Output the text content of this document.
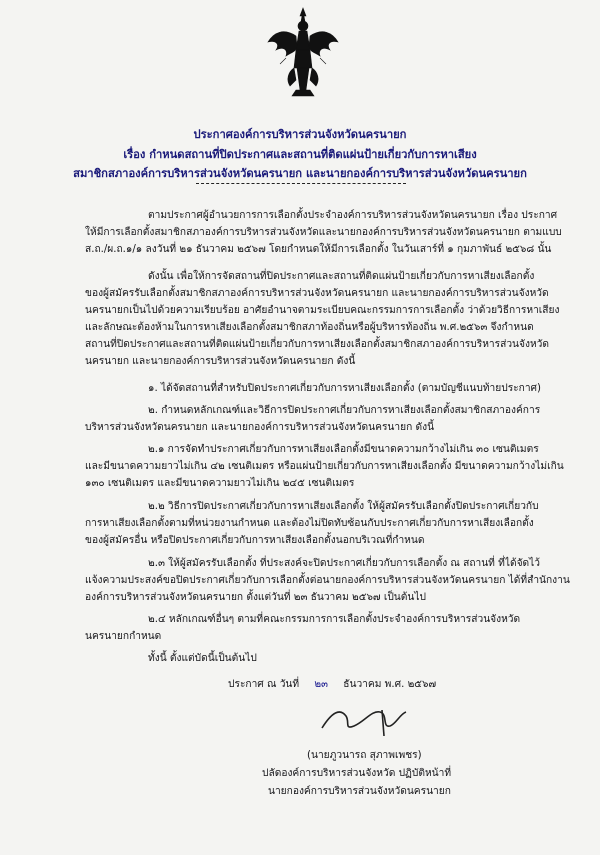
ประกาศองค์การบริหารส่วนจังหวัดนครนายก
เรื่อง กำหนดสถานที่ปิดประกาศและสถานที่ติดแผ่นป้ายเกี่ยวกับการหาเสียง
สมาชิกสภาองค์การบริหารส่วนจังหวัดนครนายก และนายกองค์การบริหารส่วนจังหวัดนครนายก
ตามประกาศผู้อำนวยการการเลือกตั้งประจำองค์การบริหารส่วนจังหวัดนครนายก เรื่อง ประกาศ
ให้มีการเลือกตั้งสมาชิกสภาองค์การบริหารส่วนจังหวัดและนายกองค์การบริหารส่วนจังหวัดนครนายก ตามแบบ
ส.ถ./ผ.ถ.๑/๑ ลงวันที่ ๒๑ ธันวาคม ๒๕๖๗ โดยกำหนดให้มีการเลือกตั้ง ในวันเสาร์ที่ ๑ กุมภาพันธ์ ๒๕๖๘ นั้น
ดังนั้น เพื่อให้การจัดสถานที่ปิดประกาศและสถานที่ติดแผ่นป้ายเกี่ยวกับการหาเสียงเลือกตั้ง
ของผู้สมัครรับเลือกตั้งสมาชิกสภาองค์การบริหารส่วนจังหวัดนครนายก และนายกองค์การบริหารส่วนจังหวัด
นครนายกเป็นไปด้วยความเรียบร้อย อาศัยอำนาจตามระเบียบคณะกรรมการการเลือกตั้ง ว่าด้วยวิธีการหาเสียง
และลักษณะต้องห้ามในการหาเสียงเลือกตั้งสมาชิกสภาท้องถิ่นหรือผู้บริหารท้องถิ่น พ.ศ.๒๕๖๓ จึงกำหนด
สถานที่ปิดประกาศและสถานที่ติดแผ่นป้ายเกี่ยวกับการหาเสียงเลือกตั้งสมาชิกสภาองค์การบริหารส่วนจังหวัด
นครนายก และนายกองค์การบริหารส่วนจังหวัดนครนายก ดังนี้
๑. ได้จัดสถานที่สำหรับปิดประกาศเกี่ยวกับการหาเสียงเลือกตั้ง (ตามบัญชีแนบท้ายประกาศ)
๒. กำหนดหลักเกณฑ์และวิธีการปิดประกาศเกี่ยวกับการหาเสียงเลือกตั้งสมาชิกสภาองค์การ
บริหารส่วนจังหวัดนครนายก และนายกองค์การบริหารส่วนจังหวัดนครนายก ดังนี้
๒.๑ การจัดทำประกาศเกี่ยวกับการหาเสียงเลือกตั้งมีขนาดความกว้างไม่เกิน ๓๐ เซนติเมตร
และมีขนาดความยาวไม่เกิน ๔๒ เซนติเมตร หรือแผ่นป้ายเกี่ยวกับการหาเสียงเลือกตั้ง มีขนาดความกว้างไม่เกิน
๑๓๐ เซนติเมตร และมีขนาดความยาวไม่เกิน ๒๔๕ เซนติเมตร
๒.๒ วิธีการปิดประกาศเกี่ยวกับการหาเสียงเลือกตั้ง ให้ผู้สมัครรับเลือกตั้งปิดประกาศเกี่ยวกับ
การหาเสียงเลือกตั้งตามที่หน่วยงานกำหนด และต้องไม่ปิดทับซ้อนกับประกาศเกี่ยวกับการหาเสียงเลือกตั้ง
ของผู้สมัครอื่น หรือปิดประกาศเกี่ยวกับการหาเสียงเลือกตั้งนอกบริเวณที่กำหนด
๒.๓ ให้ผู้สมัครรับเลือกตั้ง ที่ประสงค์จะปิดประกาศเกี่ยวกับการเลือกตั้ง ณ สถานที่ ที่ได้จัดไว้
แจ้งความประสงค์ขอปิดประกาศเกี่ยวกับการเลือกตั้งต่อนายกองค์การบริหารส่วนจังหวัดนครนายก ได้ที่สำนักงาน
องค์การบริหารส่วนจังหวัดนครนายก ตั้งแต่วันที่ ๒๓ ธันวาคม ๒๕๖๗ เป็นต้นไป
๒.๔ หลักเกณฑ์อื่นๆ ตามที่คณะกรรมการการเลือกตั้งประจำองค์การบริหารส่วนจังหวัด
นครนายกกำหนด
ทั้งนี้ ตั้งแต่บัดนี้เป็นต้นไป
ประกาศ ณ วันที่ ๒๓ ธันวาคม พ.ศ. ๒๕๖๗
(นายภูวนารถ สุภาพเพชร)
ปลัดองค์การบริหารส่วนจังหวัด ปฏิบัติหน้าที่
นายกองค์การบริหารส่วนจังหวัดนครนายก
